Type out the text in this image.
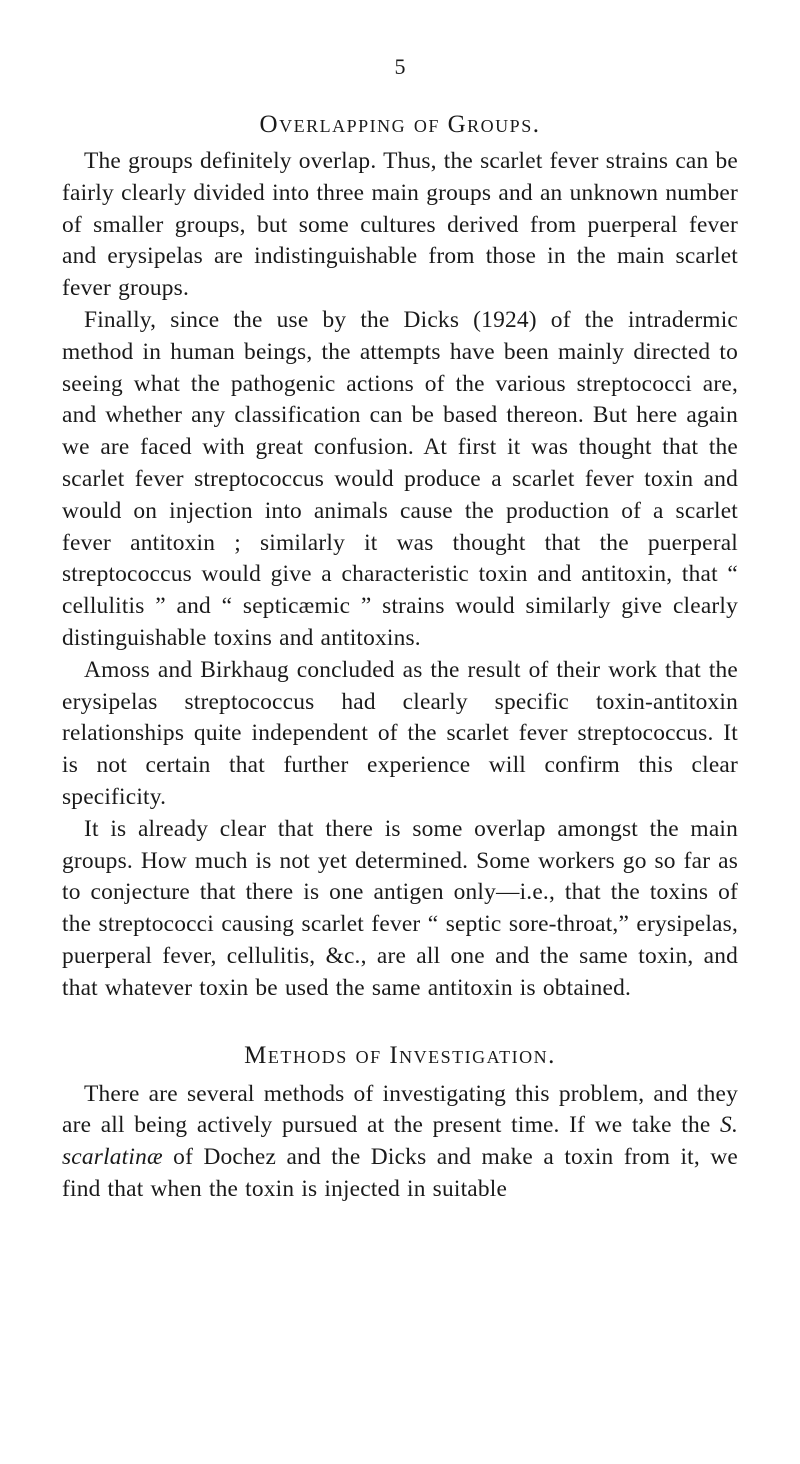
5
Overlapping of Groups.

The groups definitely overlap. Thus, the scarlet fever strains can be fairly clearly divided into three main groups and an unknown number of smaller groups, but some cultures derived from puerperal fever and erysipelas are indistinguishable from those in the main scarlet fever groups.

Finally, since the use by the Dicks (1924) of the intradermic method in human beings, the attempts have been mainly directed to seeing what the pathogenic actions of the various streptococci are, and whether any classification can be based thereon. But here again we are faced with great confusion. At first it was thought that the scarlet fever streptococcus would produce a scarlet fever toxin and would on injection into animals cause the production of a scarlet fever antitoxin ; similarly it was thought that the puerperal streptococcus would give a characteristic toxin and antitoxin, that “ cellulitis ” and “ septicæmic ” strains would similarly give clearly distinguishable toxins and antitoxins.

Amoss and Birkhaug concluded as the result of their work that the erysipelas streptococcus had clearly specific toxin-antitoxin relationships quite independent of the scarlet fever streptococcus. It is not certain that further experience will confirm this clear specificity.

It is already clear that there is some overlap amongst the main groups. How much is not yet determined. Some workers go so far as to conjecture that there is one antigen only—i.e., that the toxins of the streptococci causing scarlet fever “ septic sore-throat,” erysipelas, puerperal fever, cellulitis, &c., are all one and the same toxin, and that whatever toxin be used the same antitoxin is obtained.

Methods of Investigation.

There are several methods of investigating this problem, and they are all being actively pursued at the present time. If we take the S. scarlatinæ of Dochez and the Dicks and make a toxin from it, we find that when the toxin is injected in suitable
